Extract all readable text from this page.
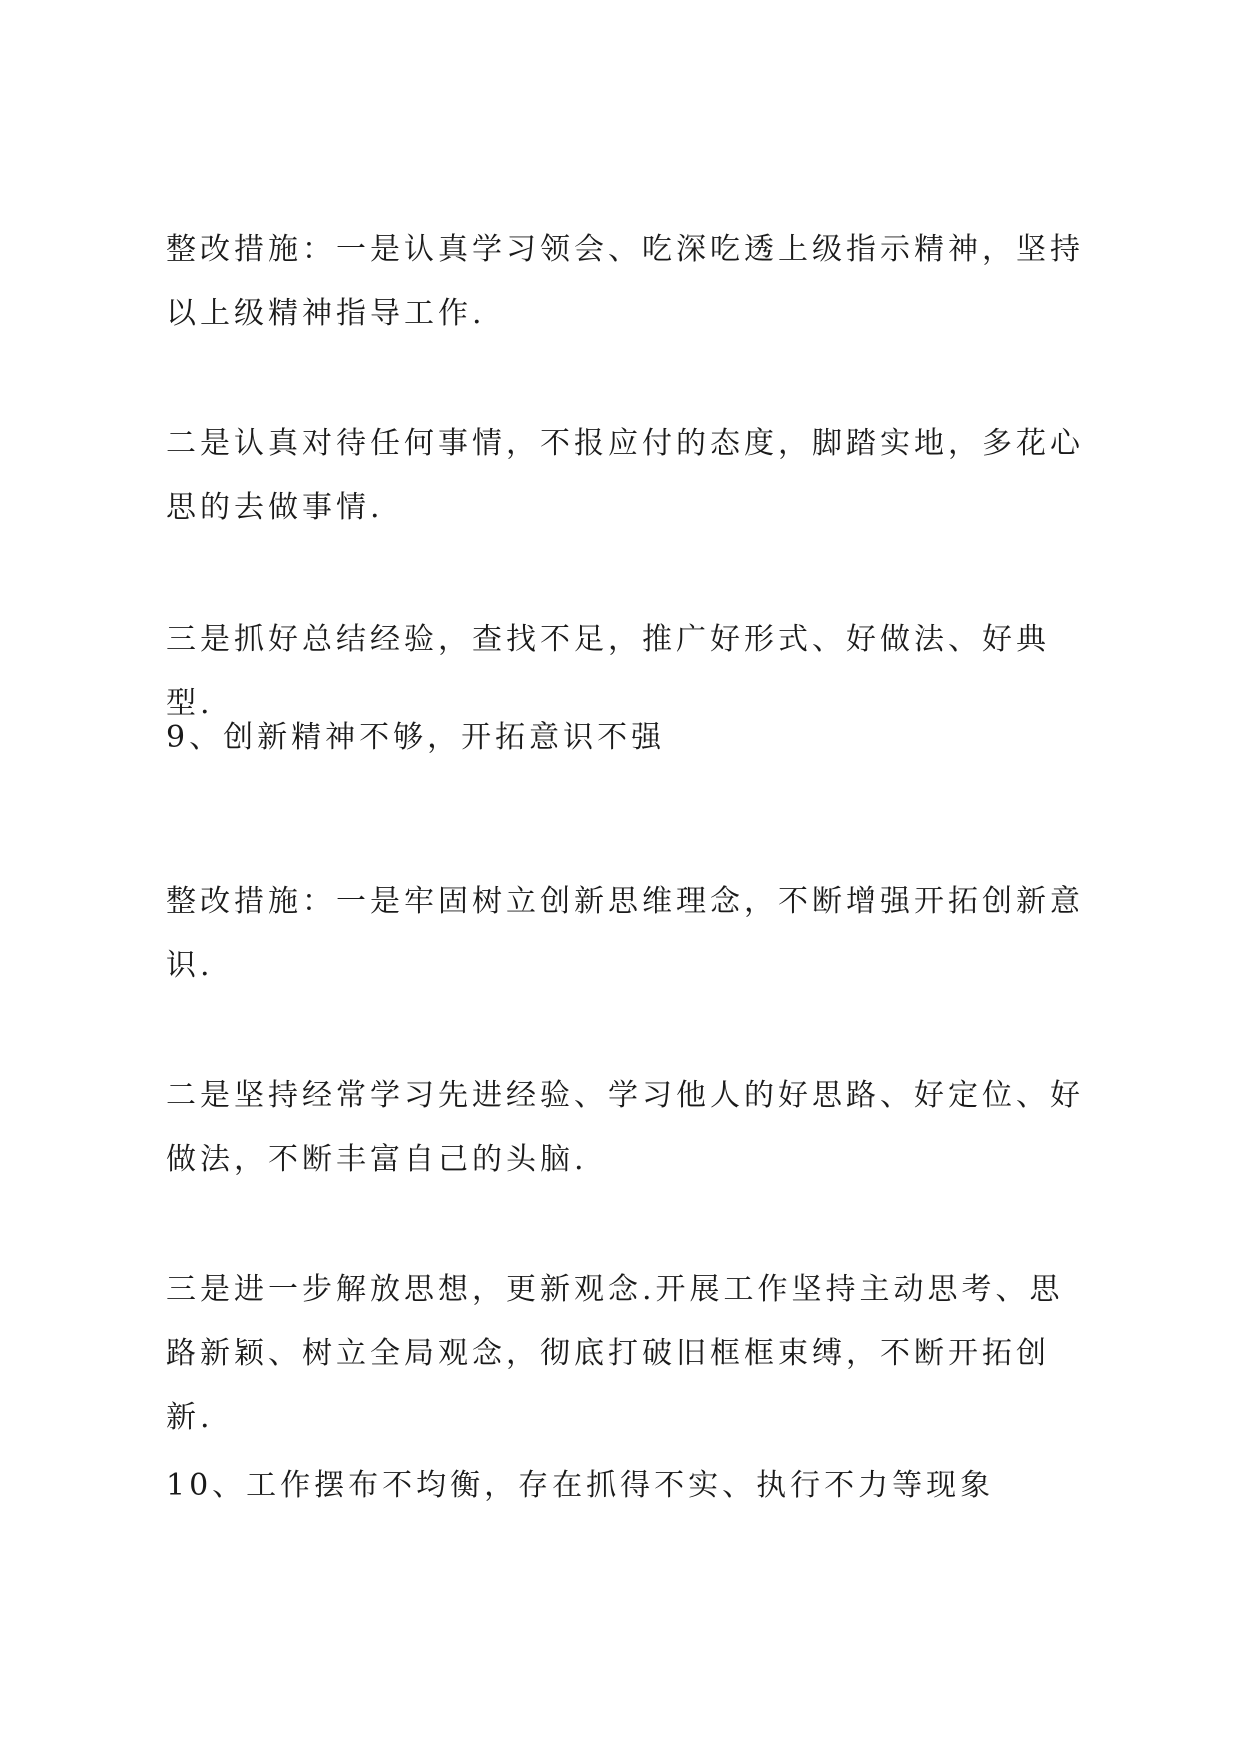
整改措施：一是认真学习领会、吃深吃透上级指示精神，坚持以上级精神指导工作.

二是认真对待任何事情，不报应付的态度，脚踏实地，多花心思的去做事情.

三是抓好总结经验，查找不足，推广好形式、好做法、好典型.

9、创新精神不够，开拓意识不强

整改措施：一是牢固树立创新思维理念，不断增强开拓创新意识.

二是坚持经常学习先进经验、学习他人的好思路、好定位、好做法，不断丰富自己的头脑.

三是进一步解放思想，更新观念.开展工作坚持主动思考、思路新颖、树立全局观念，彻底打破旧框框束缚，不断开拓创新.

10、工作摆布不均衡，存在抓得不实、执行不力等现象
